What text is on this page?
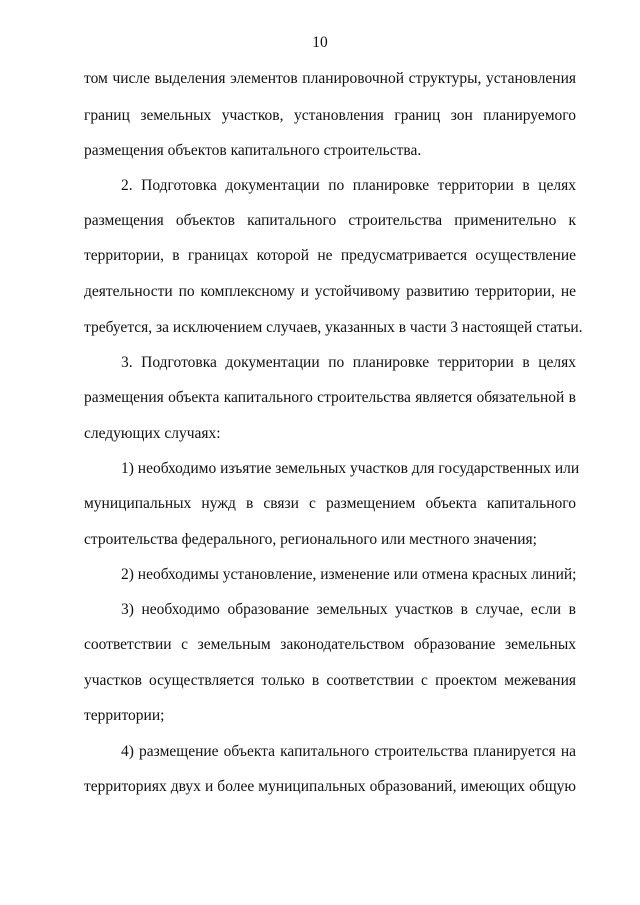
10
том числе выделения элементов планировочной структуры, установления
границ земельных участков, установления границ зон планируемого
размещения объектов капитального строительства.
2. Подготовка документации по планировке территории в целях
размещения объектов капитального строительства применительно к
территории, в границах которой не предусматривается осуществление
деятельности по комплексному и устойчивому развитию территории, не
требуется, за исключением случаев, указанных в части 3 настоящей статьи.
3. Подготовка документации по планировке территории в целях
размещения объекта капитального строительства является обязательной в
следующих случаях:
1) необходимо изъятие земельных участков для государственных или
муниципальных нужд в связи с размещением объекта капитального
строительства федерального, регионального или местного значения;
2) необходимы установление, изменение или отмена красных линий;
3) необходимо образование земельных участков в случае, если в
соответствии с земельным законодательством образование земельных
участков осуществляется только в соответствии с проектом межевания
территории;
4) размещение объекта капитального строительства планируется на
территориях двух и более муниципальных образований, имеющих общую
